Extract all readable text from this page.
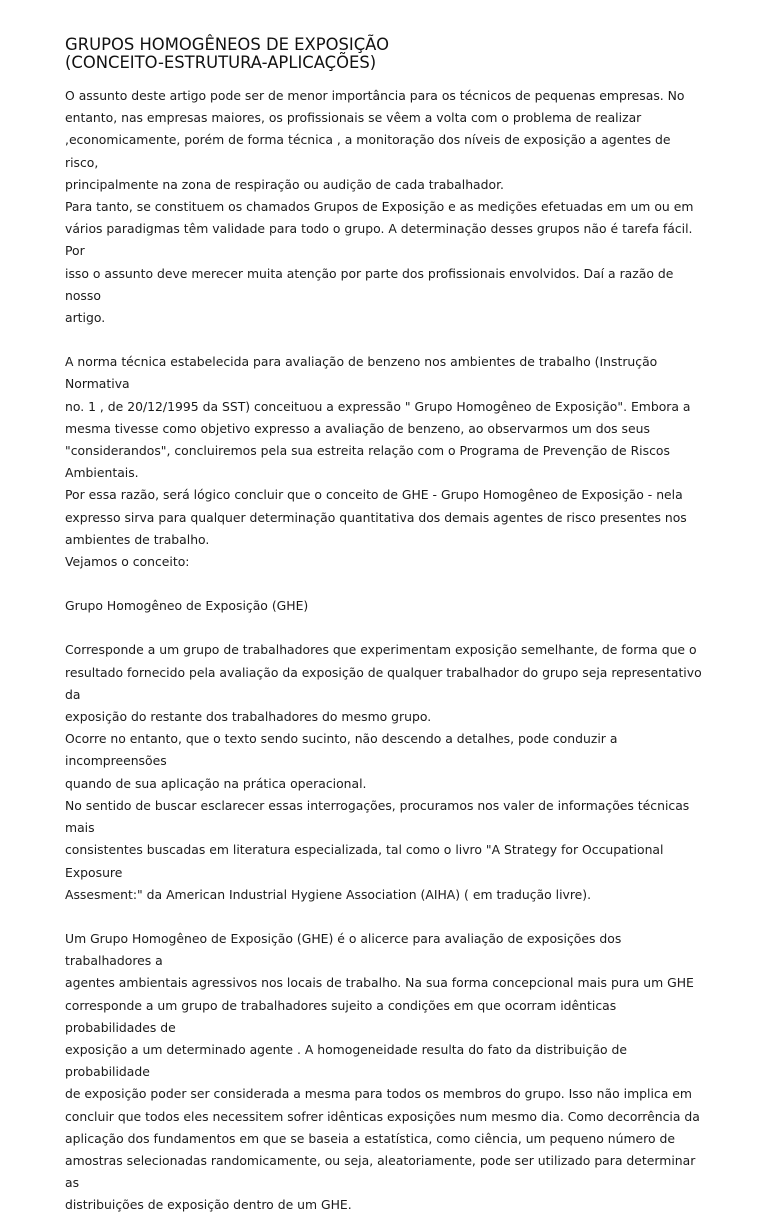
GRUPOS HOMOGÊNEOS DE EXPOSIÇÃO
(CONCEITO-ESTRUTURA-APLICAÇÕES)

O assunto deste artigo pode ser de menor importância para os técnicos de pequenas empresas. No
entanto, nas empresas maiores, os profissionais se vêem a volta com o problema de realizar
,economicamente, porém de forma técnica , a monitoração dos níveis de exposição a agentes de risco,
principalmente na zona de respiração ou audição de cada trabalhador.
Para tanto, se constituem os chamados Grupos de Exposição e as medições efetuadas em um ou em
vários paradigmas têm validade para todo o grupo. A determinação desses grupos não é tarefa fácil. Por
isso o assunto deve merecer muita atenção por parte dos profissionais envolvidos. Daí a razão de nosso
artigo.

A norma técnica estabelecida para avaliação de benzeno nos ambientes de trabalho (Instrução Normativa
no. 1 , de 20/12/1995 da SST) conceituou a expressão " Grupo Homogêneo de Exposição". Embora a
mesma tivesse como objetivo expresso a avaliação de benzeno, ao observarmos um dos seus
"considerandos", concluiremos pela sua estreita relação com o Programa de Prevenção de Riscos
Ambientais.
Por essa razão, será lógico concluir que o conceito de GHE - Grupo Homogêneo de Exposição - nela
expresso sirva para qualquer determinação quantitativa dos demais agentes de risco presentes nos
ambientes de trabalho.
Vejamos o conceito:

Grupo Homogêneo de Exposição (GHE)

Corresponde a um grupo de trabalhadores que experimentam exposição semelhante, de forma que o
resultado fornecido pela avaliação da exposição de qualquer trabalhador do grupo seja representativo da
exposição do restante dos trabalhadores do mesmo grupo.
Ocorre no entanto, que o texto sendo sucinto, não descendo a detalhes, pode conduzir a incompreensões
quando de sua aplicação na prática operacional.
No sentido de buscar esclarecer essas interrogações, procuramos nos valer de informações técnicas mais
consistentes buscadas em literatura especializada, tal como o livro "A Strategy for Occupational Exposure
Assesment:" da American Industrial Hygiene Association (AIHA) ( em tradução livre).

Um Grupo Homogêneo de Exposição (GHE) é o alicerce para avaliação de exposições dos trabalhadores a
agentes ambientais agressivos nos locais de trabalho. Na sua forma concepcional mais pura um GHE
corresponde a um grupo de trabalhadores sujeito a condições em que ocorram idênticas probabilidades de
exposição a um determinado agente . A homogeneidade resulta do fato da distribuição de probabilidade
de exposição poder ser considerada a mesma para todos os membros do grupo. Isso não implica em
concluir que todos eles necessitem sofrer idênticas exposições num mesmo dia. Como decorrência da
aplicação dos fundamentos em que se baseia a estatística, como ciência, um pequeno número de
amostras selecionadas randomicamente, ou seja, aleatoriamente, pode ser utilizado para determinar as
distribuições de exposição dentro de um GHE.
